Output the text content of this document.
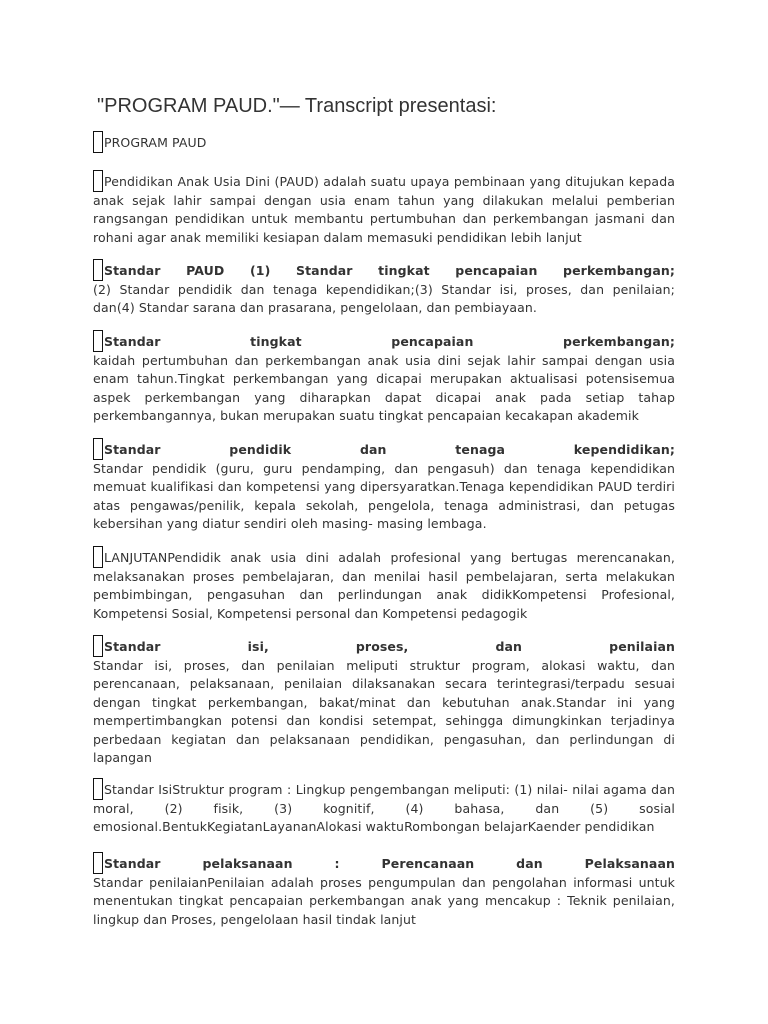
"PROGRAM PAUD."— Transcript presentasi:

PROGRAM PAUD

Pendidikan Anak Usia Dini (PAUD) adalah suatu upaya pembinaan yang ditujukan kepada anak sejak lahir sampai dengan usia enam tahun yang dilakukan melalui pemberian rangsangan pendidikan untuk membantu pertumbuhan dan perkembangan jasmani dan rohani agar anak memiliki kesiapan dalam memasuki pendidikan lebih lanjut

Standar PAUD (1) Standar tingkat pencapaian perkembangan;
(2) Standar pendidik dan tenaga kependidikan;(3) Standar isi, proses, dan penilaian; dan(4) Standar sarana dan prasarana, pengelolaan, dan pembiayaan.

Standar tingkat pencapaian perkembangan;
kaidah pertumbuhan dan perkembangan anak usia dini sejak lahir sampai dengan usia enam tahun.Tingkat perkembangan yang dicapai merupakan aktualisasi potensisemua aspek perkembangan yang diharapkan dapat dicapai anak pada setiap tahap perkembangannya, bukan merupakan suatu tingkat pencapaian kecakapan akademik

Standar pendidik dan tenaga kependidikan;
Standar pendidik (guru, guru pendamping, dan pengasuh) dan tenaga kependidikan memuat kualifikasi dan kompetensi yang dipersyaratkan.Tenaga kependidikan PAUD terdiri atas pengawas/penilik, kepala sekolah, pengelola, tenaga administrasi, dan petugas kebersihan yang diatur sendiri oleh masing- masing lembaga.

LANJUTANPendidik anak usia dini adalah profesional yang bertugas merencanakan, melaksanakan proses pembelajaran, dan menilai hasil pembelajaran, serta melakukan pembimbingan, pengasuhan dan perlindungan anak didikKompetensi Profesional, Kompetensi Sosial, Kompetensi personal dan Kompetensi pedagogik

Standar isi, proses, dan penilaian
Standar isi, proses, dan penilaian meliputi struktur program, alokasi waktu, dan perencanaan, pelaksanaan, penilaian dilaksanakan secara terintegrasi/terpadu sesuai dengan tingkat perkembangan, bakat/minat dan kebutuhan anak.Standar ini yang mempertimbangkan potensi dan kondisi setempat, sehingga dimungkinkan terjadinya perbedaan kegiatan dan pelaksanaan pendidikan, pengasuhan, dan perlindungan di lapangan

Standar IsiStruktur program : Lingkup pengembangan meliputi: (1) nilai- nilai agama dan moral, (2) fisik, (3) kognitif, (4) bahasa, dan (5) sosial emosional.BentukKegiatanLayananAlokasi waktuRombongan belajarKaender pendidikan

Standar pelaksanaan : Perencanaan dan Pelaksanaan
Standar penilaianPenilaian adalah proses pengumpulan dan pengolahan informasi untuk menentukan tingkat pencapaian perkembangan anak yang mencakup : Teknik penilaian, lingkup dan Proses, pengelolaan hasil tindak lanjut
